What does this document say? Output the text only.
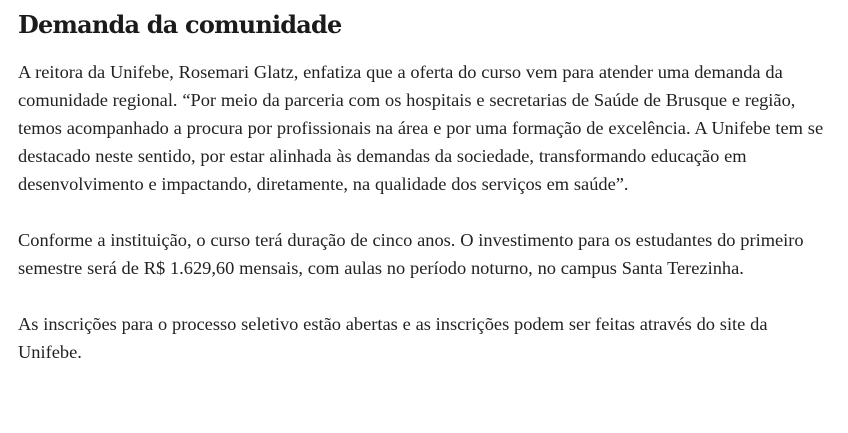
Demanda da comunidade

A reitora da Unifebe, Rosemari Glatz, enfatiza que a oferta do curso vem para atender uma demanda da comunidade regional. “Por meio da parceria com os hospitais e secretarias de Saúde de Brusque e região, temos acompanhado a procura por profissionais na área e por uma formação de excelência. A Unifebe tem se destacado neste sentido, por estar alinhada às demandas da sociedade, transformando educação em desenvolvimento e impactando, diretamente, na qualidade dos serviços em saúde”.

Conforme a instituição, o curso terá duração de cinco anos. O investimento para os estudantes do primeiro semestre será de R$ 1.629,60 mensais, com aulas no período noturno, no campus Santa Terezinha.

As inscrições para o processo seletivo estão abertas e as inscrições podem ser feitas através do site da Unifebe.
